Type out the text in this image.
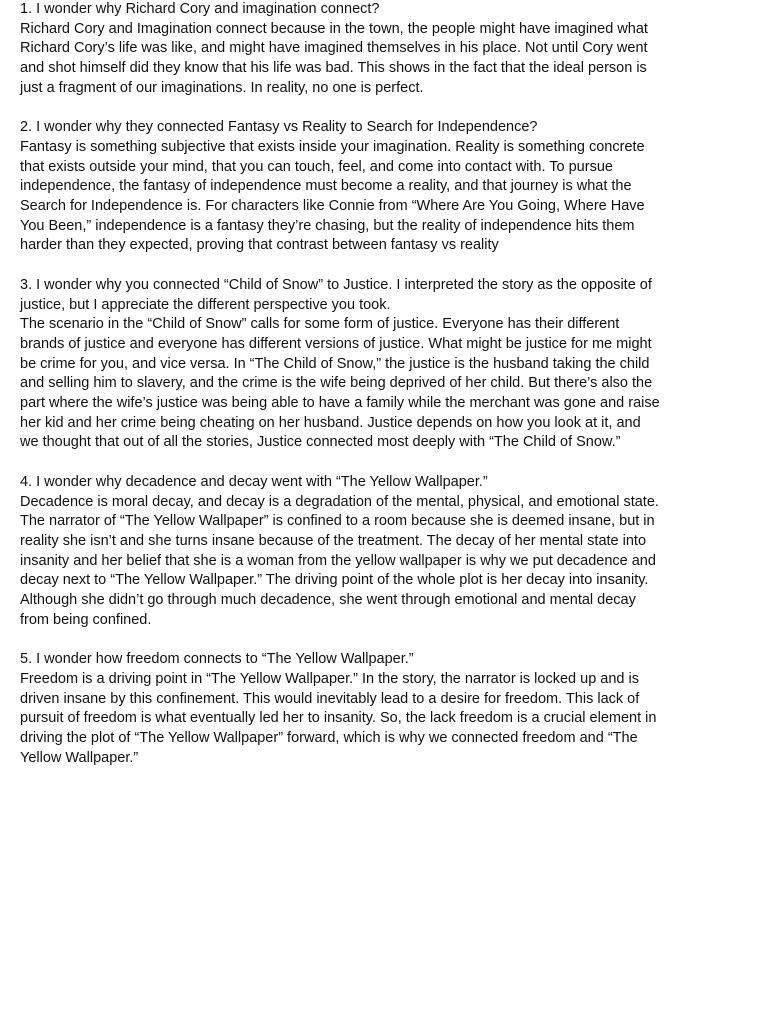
1. I wonder why Richard Cory and imagination connect?
Richard Cory and Imagination connect because in the town, the people might have imagined what
Richard Cory’s life was like, and might have imagined themselves in his place. Not until Cory went
and shot himself did they know that his life was bad. This shows in the fact that the ideal person is
just a fragment of our imaginations. In reality, no one is perfect.
2. I wonder why they connected Fantasy vs Reality to Search for Independence?
Fantasy is something subjective that exists inside your imagination. Reality is something concrete
that exists outside your mind, that you can touch, feel, and come into contact with. To pursue
independence, the fantasy of independence must become a reality, and that journey is what the
Search for Independence is. For characters like Connie from “Where Are You Going, Where Have
You Been,” independence is a fantasy they’re chasing, but the reality of independence hits them
harder than they expected, proving that contrast between fantasy vs reality
3. I wonder why you connected “Child of Snow” to Justice. I interpreted the story as the opposite of
justice, but I appreciate the different perspective you took.
The scenario in the “Child of Snow” calls for some form of justice. Everyone has their different
brands of justice and everyone has different versions of justice. What might be justice for me might
be crime for you, and vice versa. In “The Child of Snow,” the justice is the husband taking the child
and selling him to slavery, and the crime is the wife being deprived of her child. But there’s also the
part where the wife’s justice was being able to have a family while the merchant was gone and raise
her kid and her crime being cheating on her husband. Justice depends on how you look at it, and
we thought that out of all the stories, Justice connected most deeply with “The Child of Snow.”
4. I wonder why decadence and decay went with “The Yellow Wallpaper.”
Decadence is moral decay, and decay is a degradation of the mental, physical, and emotional state.
The narrator of “The Yellow Wallpaper” is confined to a room because she is deemed insane, but in
reality she isn’t and she turns insane because of the treatment. The decay of her mental state into
insanity and her belief that she is a woman from the yellow wallpaper is why we put decadence and
decay next to “The Yellow Wallpaper.” The driving point of the whole plot is her decay into insanity.
Although she didn’t go through much decadence, she went through emotional and mental decay
from being confined.
5. I wonder how freedom connects to “The Yellow Wallpaper.”
Freedom is a driving point in “The Yellow Wallpaper.” In the story, the narrator is locked up and is
driven insane by this confinement. This would inevitably lead to a desire for freedom. This lack of
pursuit of freedom is what eventually led her to insanity. So, the lack freedom is a crucial element in
driving the plot of “The Yellow Wallpaper” forward, which is why we connected freedom and “The
Yellow Wallpaper.”
